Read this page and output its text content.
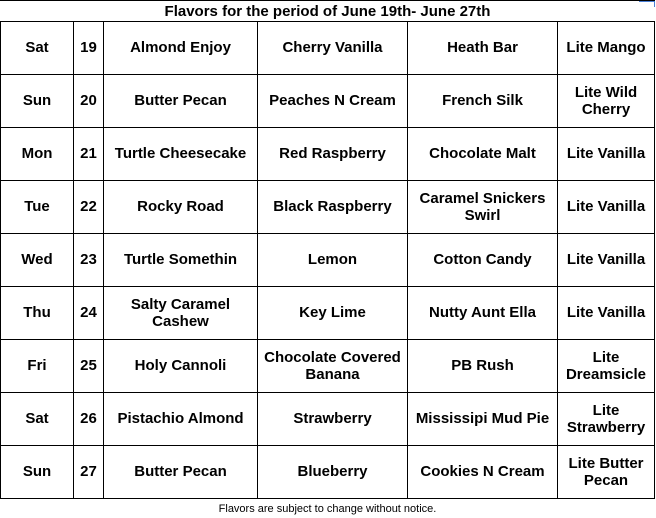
Flavors for the period of June 19th- June 27th
Sat	19	Almond Enjoy	Cherry Vanilla	Heath Bar	Lite Mango
Sun	20	Butter Pecan	Peaches N Cream	French Silk	Lite Wild Cherry
Mon	21	Turtle Cheesecake	Red Raspberry	Chocolate Malt	Lite Vanilla
Tue	22	Rocky Road	Black Raspberry	Caramel Snickers Swirl	Lite Vanilla
Wed	23	Turtle Somethin	Lemon	Cotton Candy	Lite Vanilla
Thu	24	Salty Caramel Cashew	Key Lime	Nutty Aunt Ella	Lite Vanilla
Fri	25	Holy Cannoli	Chocolate Covered Banana	PB Rush	Lite Dreamsicle
Sat	26	Pistachio Almond	Strawberry	Mississipi Mud Pie	Lite Strawberry
Sun	27	Butter Pecan	Blueberry	Cookies N Cream	Lite Butter Pecan
Flavors are subject to change without notice.
